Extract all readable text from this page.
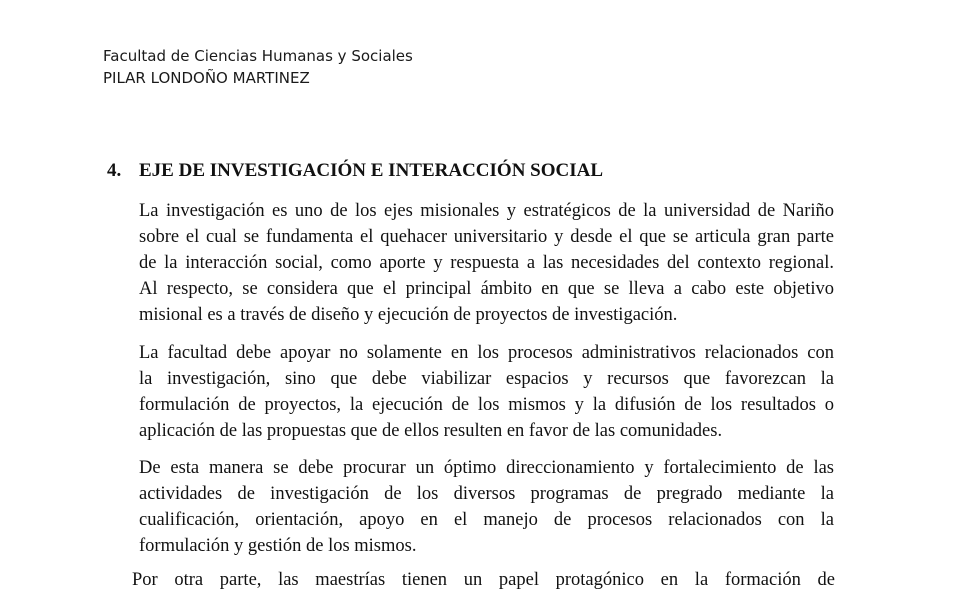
Facultad de Ciencias Humanas y Sociales
PILAR LONDOÑO MARTINEZ
4. EJE DE INVESTIGACIÓN E INTERACCIÓN SOCIAL
La investigación es uno de los ejes misionales y estratégicos de la universidad de Nariño
sobre el cual se fundamenta el quehacer universitario y desde el que se articula gran parte
de la interacción social, como aporte y respuesta a las necesidades del contexto regional.
Al respecto, se considera que el principal ámbito en que se lleva a cabo este objetivo
misional es a través de diseño y ejecución de proyectos de investigación.
La facultad debe apoyar no solamente en los procesos administrativos relacionados con
la investigación, sino que debe viabilizar espacios y recursos que favorezcan la
formulación de proyectos, la ejecución de los mismos y la difusión de los resultados o
aplicación de las propuestas que de ellos resulten en favor de las comunidades.
De esta manera se debe procurar un óptimo direccionamiento y fortalecimiento de las
actividades de investigación de los diversos programas de pregrado mediante la
cualificación, orientación, apoyo en el manejo de procesos relacionados con la
formulación y gestión de los mismos.
Por otra parte, las maestrías tienen un papel protagónico en la formación de
